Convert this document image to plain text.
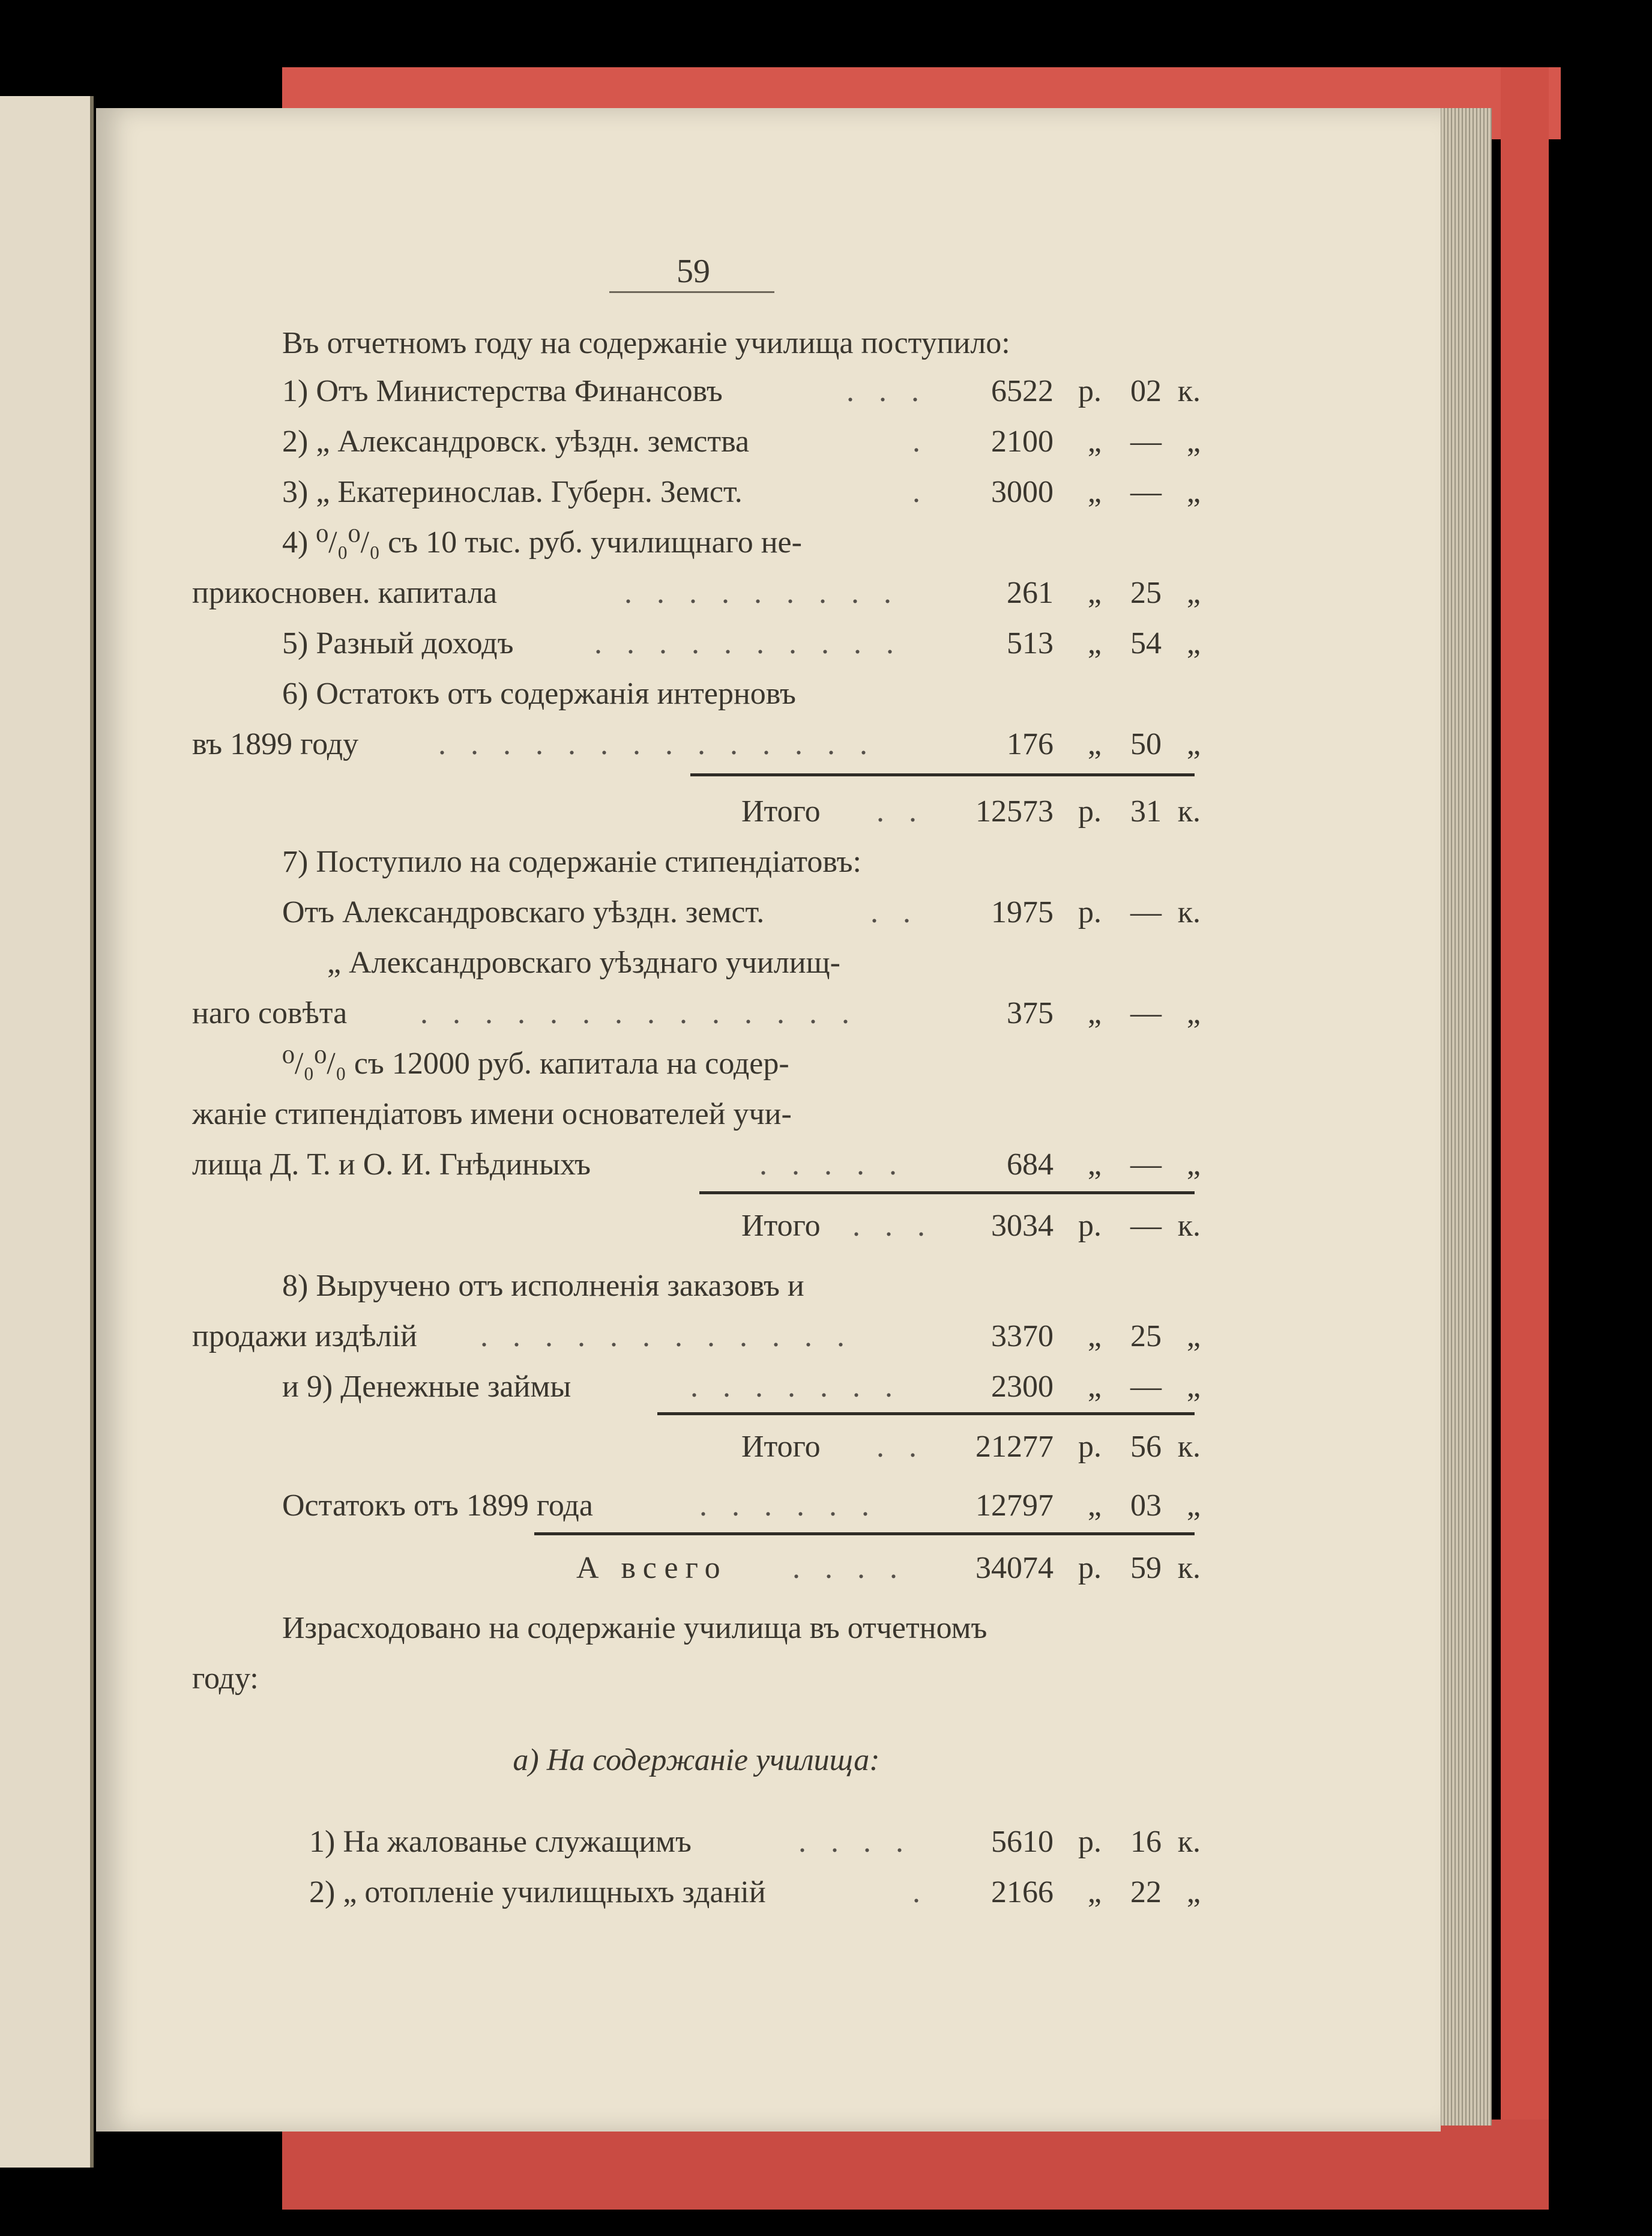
59
Въ отчетномъ году на содержаніе училища поступило:
1) Отъ Министерства Финансовъ	. . .	6522 р. 02 к.
2) „ Александровск. уѣздн. земства	.	2100	„ — „
3) „ Екатеринослав. Губерн. Земст.	.	3000	„ — „
4) ⁰/₀⁰/₀ съ 10 тыс. руб. училищнаго не-
прикосновен. капитала	. . . . . . . . .	261	„ 25 „
5) Разный доходъ	. . . . . . . . . .	513	„ 54 „
6) Остатокъ отъ содержанія интерновъ
въ 1899 году	. . . . . . . . . . . . . .	176	„ 50 „
Итого . .	12573 р. 31 к.
7) Поступило на содержаніе стипендіатовъ:
Отъ Александровскаго уѣздн. земст.	. .	1975 р. — к.
„ Александровскаго уѣзднаго училищ-
наго совѣта . . . . . . . . . . . . . .	375	„ — „
⁰/₀⁰/₀ съ 12000 руб. капитала на содер-
жаніе стипендіатовъ имени основателей учи-
лища Д. Т. и О. И. Гнѣдиныхъ	. . . . .	684	„ — „
Итого . . .	3034 р. — к.
8) Выручено отъ исполненія заказовъ и
продажи издѣлій . . . . . . . . . . . .	3370	„ 25 „
и 9) Денежные займы	. . . . . . .	2300	„ — „
Итого . .	21277 р. 56 к.
Остатокъ отъ 1899 года	. . . . . .	12797	„ 03 „
А всего . . . .	34074 р. 59 к.
Израсходовано на содержаніе училища въ отчетномъ
году:
а) На содержаніе училища:
1) На жалованье служащимъ	. . . .	5610 р. 16 к.
2) „ отопленіе училищныхъ зданій	.	2166	„ 22 „
